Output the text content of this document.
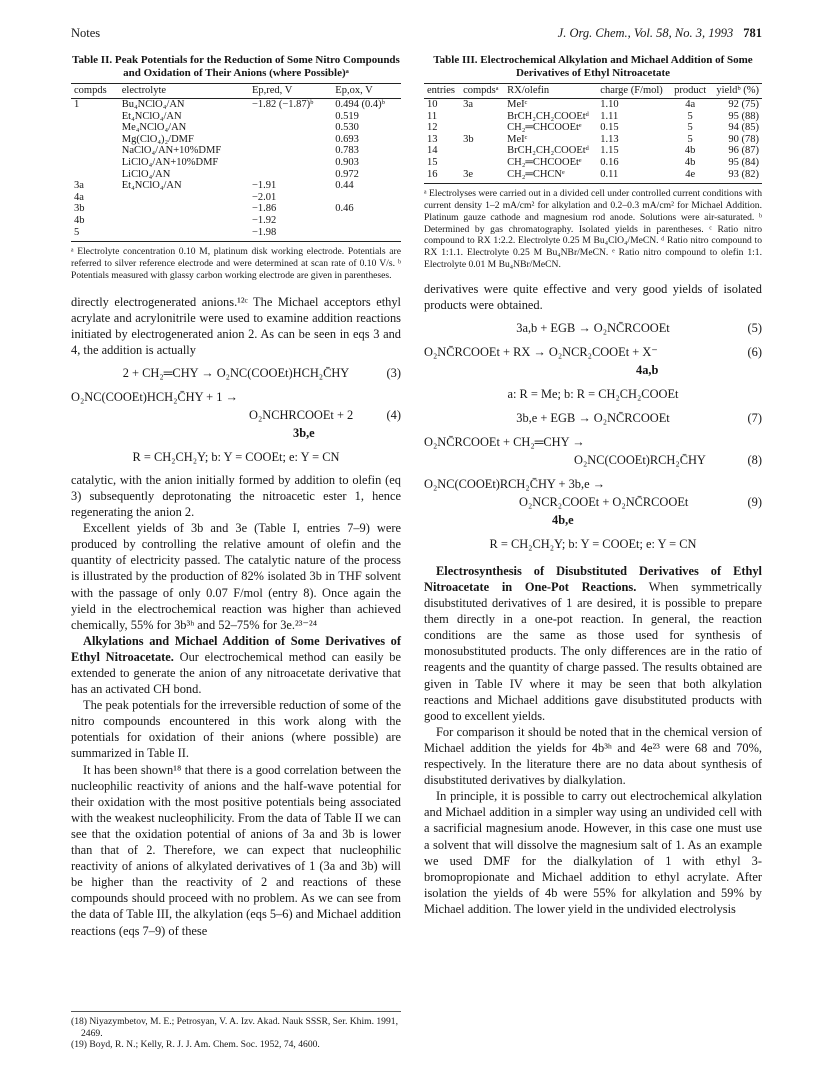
Notes	J. Org. Chem., Vol. 58, No. 3, 1993 781
Table II. Peak Potentials for the Reduction of Some Nitro Compounds and Oxidation of Their Anions (where Possible)ᵃ
compds	electrolyte	Ep,red, V	Ep,ox, V
1	Bu₄NClO₄/AN	−1.82 (−1.87)ᵇ	0.494 (0.4)ᵇ
	Et₄NClO₄/AN		0.519
	Me₄NClO₄/AN		0.530
	Mg(ClO₄)₂/DMF		0.693
	NaClO₄/AN+10%DMF		0.783
	LiClO₄/AN+10%DMF		0.903
	LiClO₄/AN		0.972
3a	Et₄NClO₄/AN	−1.91	0.44
4a		−2.01	
3b		−1.86	0.46
4b		−1.92	
5		−1.98	
ᵃ Electrolyte concentration 0.10 M, platinum disk working electrode. Potentials are referred to silver reference electrode and were determined at scan rate of 0.10 V/s. ᵇ Potentials measured with glassy carbon working electrode are given in parentheses.

directly electrogenerated anions.¹²ᶜ The Michael acceptors ethyl acrylate and acrylonitrile were used to examine addition reactions initiated by electrogenerated anion 2. As can be seen in eqs 3 and 4, the addition is actually

2 + CH₂═CHY → O₂NC(COOEt)HCH₂C̄HY	(3)
O₂NC(COOEt)HCH₂C̄HY + 1 →
O₂NCHRCOOEt + 2	(4)
3b,e
R = CH₂CH₂Y; b: Y = COOEt; e: Y = CN

catalytic, with the anion initially formed by addition to olefin (eq 3) subsequently deprotonating the nitroacetic ester 1, hence regenerating the anion 2.

Excellent yields of 3b and 3e (Table I, entries 7–9) were produced by controlling the relative amount of olefin and the quantity of electricity passed. The catalytic nature of the process is illustrated by the production of 82% isolated 3b in THF solvent with the passage of only 0.07 F/mol (entry 8). Once again the yield in the electrochemical reaction was higher than achieved chemically, 55% for 3b³ʰ and 52–75% for 3e.²³⁻²⁴

Alkylations and Michael Addition of Some Derivatives of Ethyl Nitroacetate. Our electrochemical method can easily be extended to generate the anion of any nitroacetate derivative that has an activated CH bond.

The peak potentials for the irreversible reduction of some of the nitro compounds encountered in this work along with the potentials for oxidation of their anions (where possible) are summarized in Table II.

It has been shown¹⁸ that there is a good correlation between the nucleophilic reactivity of anions and the half-wave potential for their oxidation with the most positive potentials being associated with the weakest nucleophilicity. From the data of Table II we can see that the oxidation potential of anions of 3a and 3b is lower than that of 2. Therefore, we can expect that nucleophilic reactivity of anions of alkylated derivatives of 1 (3a and 3b) will be higher than the reactivity of 2 and reactions of these compounds should proceed with no problem. As we can see from the data of Table III, the alkylation (eqs 5–6) and Michael addition reactions (eqs 7–9) of these

(18) Niyazymbetov, M. E.; Petrosyan, V. A. Izv. Akad. Nauk SSSR, Ser. Khim. 1991, 2469.
(19) Boyd, R. N.; Kelly, R. J. J. Am. Chem. Soc. 1952, 74, 4600.
Table III. Electrochemical Alkylation and Michael Addition of Some Derivatives of Ethyl Nitroacetate
entries	compdsᵃ	RX/olefin	charge (F/mol)	product	yieldᵇ (%)
10	3a	MeIᶜ	1.10	4a	92 (75)
11		BrCH₂CH₂COOEtᵈ	1.11	5	95 (88)
12		CH₂═CHCOOEtᵉ	0.15	5	94 (85)
13	3b	MeIᶜ	1.13	5	90 (78)
14		BrCH₂CH₂COOEtᵈ	1.15	4b	96 (87)
15		CH₂═CHCOOEtᵉ	0.16	4b	95 (84)
16	3e	CH₂═CHCNᵉ	0.11	4e	93 (82)
ᵃ Electrolyses were carried out in a divided cell under controlled current conditions with current density 1–2 mA/cm² for alkylation and 0.2–0.3 mA/cm² for Michael Addition. Platinum gauze cathode and magnesium rod anode. Solutions were air-saturated. ᵇ Determined by gas chromatography. Isolated yields in parentheses. ᶜ Ratio nitro compound to RX 1:2.2. Electrolyte 0.25 M Bu₄ClO₄/MeCN. ᵈ Ratio nitro compound to RX 1:1.1. Electrolyte 0.25 M Bu₄NBr/MeCN. ᵉ Ratio nitro compound to olefin 1:1. Electrolyte 0.01 M Bu₄NBr/MeCN.

derivatives were quite effective and very good yields of isolated products were obtained.

3a,b + EGB → O₂NC̄RCOOEt	(5)
O₂NC̄RCOOEt + RX → O₂NCR₂COOEt + X⁻	(6)
4a,b
a: R = Me; b: R = CH₂CH₂COOEt
3b,e + EGB → O₂NC̄RCOOEt	(7)
O₂NC̄RCOOEt + CH₂═CHY →
O₂NC(COOEt)RCH₂C̄HY	(8)
O₂NC(COOEt)RCH₂C̄HY + 3b,e →
O₂NCR₂COOEt + O₂NC̄RCOOEt	(9)
4b,e
R = CH₂CH₂Y; b: Y = COOEt; e: Y = CN

Electrosynthesis of Disubstituted Derivatives of Ethyl Nitroacetate in One-Pot Reactions. When symmetrically disubstituted derivatives of 1 are desired, it is possible to prepare them directly in a one-pot reaction. In general, the reaction conditions are the same as those used for synthesis of monosubstituted products. The only differences are in the ratio of reagents and the quantity of charge passed. The results obtained are given in Table IV where it may be seen that both alkylation reactions and Michael additions gave disubstituted products with good to excellent yields.

For comparison it should be noted that in the chemical version of Michael addition the yields for 4b³ʰ and 4e²³ were 68 and 70%, respectively. In the literature there are no data about synthesis of disubstituted derivatives by dialkylation.

In principle, it is possible to carry out electrochemical alkylation and Michael addition in a simpler way using an undivided cell with a sacrificial magnesium anode. However, in this case one must use a solvent that will dissolve the magnesium salt of 1. As an example we used DMF for the dialkylation of 1 with ethyl 3-bromopropionate and Michael addition to ethyl acrylate. After isolation the yields of 4b were 55% for alkylation and 59% by Michael addition. The lower yield in the undivided electrolysis
